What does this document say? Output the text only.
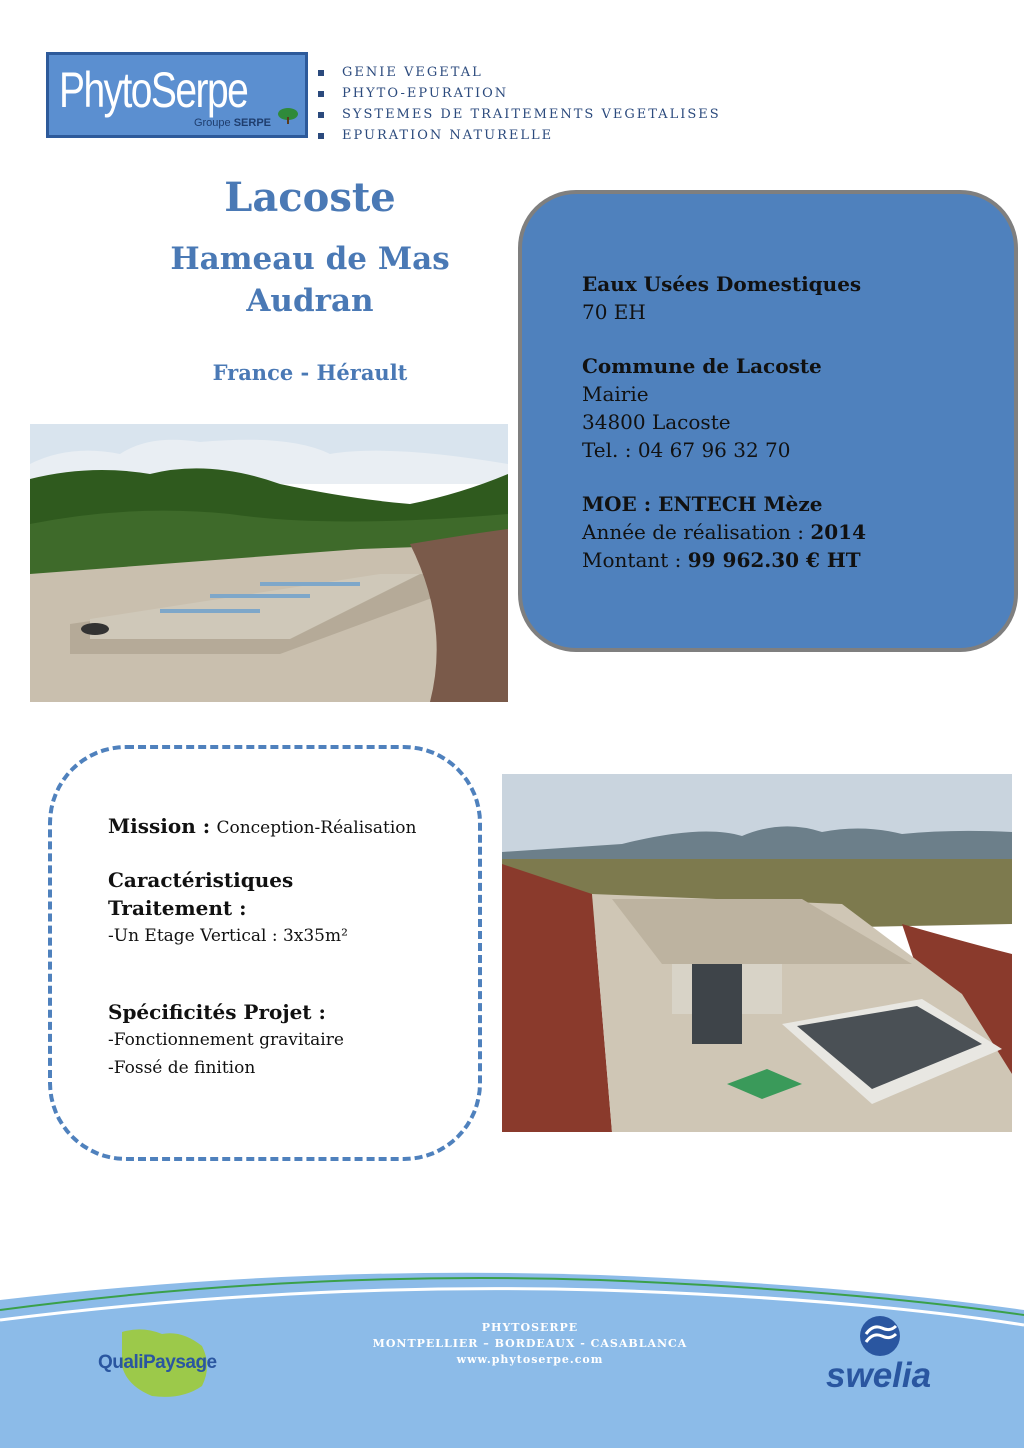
PhytoSerpe
Groupe SERPE
GENIE VEGETAL
PHYTO-EPURATION
SYSTEMES DE TRAITEMENTS VEGETALISES
EPURATION NATURELLE
Lacoste
Hameau de Mas
Audran
France - Hérault
Eaux Usées Domestiques
70 EH
Commune de Lacoste
Mairie
34800 Lacoste
Tel. : 04 67 96 32 70
MOE : ENTECH Mèze
Année de réalisation : 2014
Montant : 99 962.30 € HT
Mission : Conception-Réalisation
Caractéristiques
Traitement :
-Un Etage Vertical : 3x35m²
Spécificités Projet :
-Fonctionnement gravitaire
-Fossé de finition
PHYTOSERPE
MONTPELLIER – BORDEAUX - CASABLANCA
www.phytoserpe.com
QualiPaysage	swelia
